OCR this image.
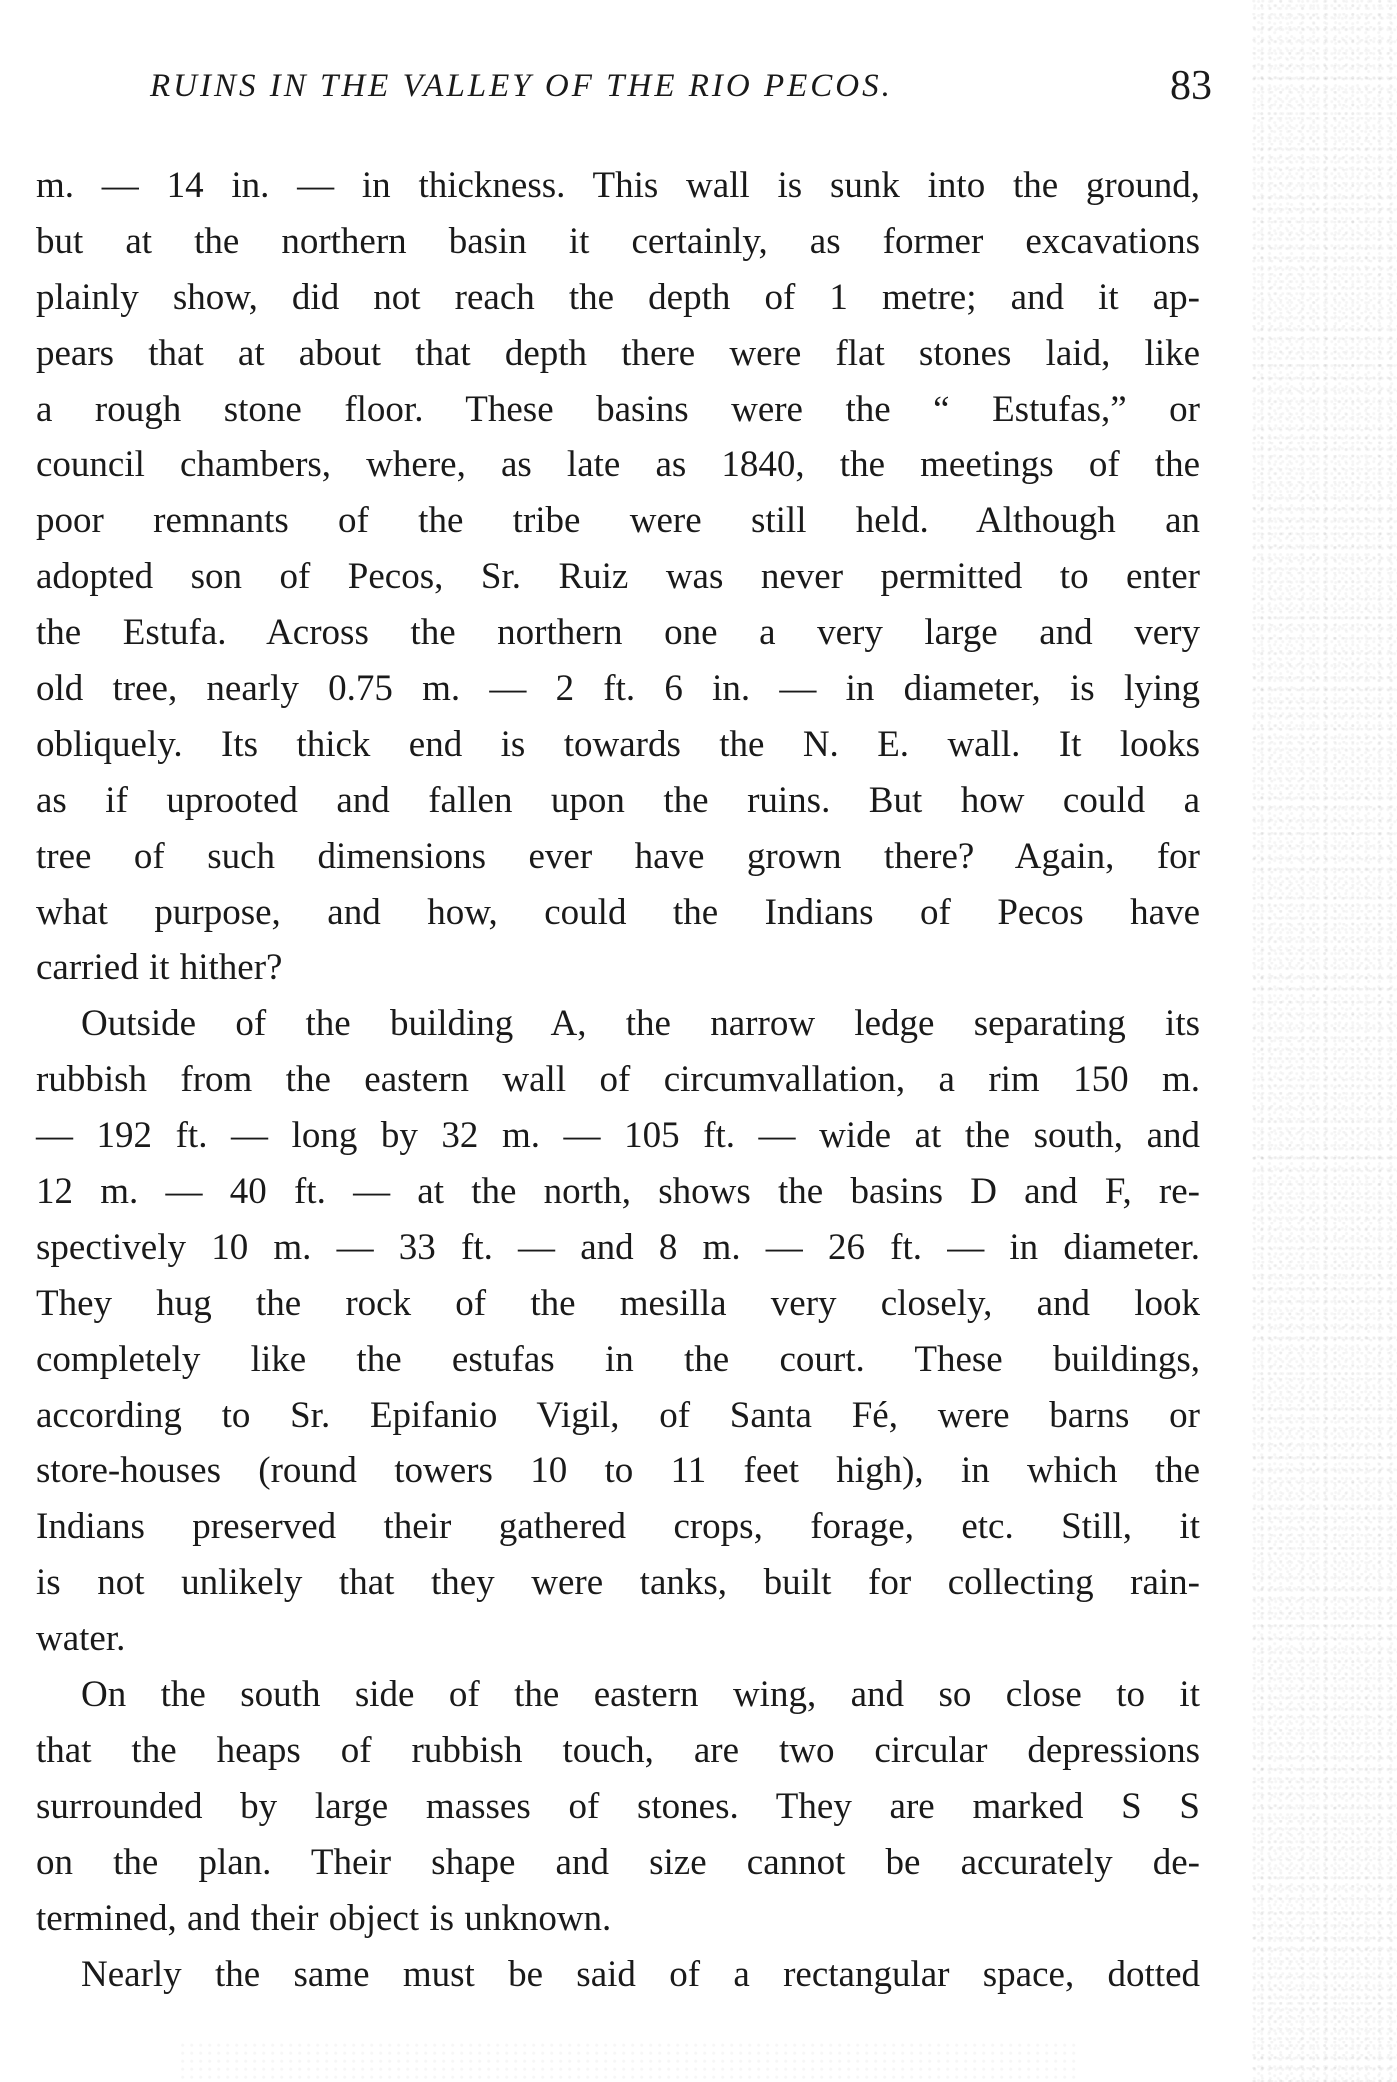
RUINS IN THE VALLEY OF THE RIO PECOS.	83
m. — 14 in. — in thickness. This wall is sunk into the ground,
but at the northern basin it certainly, as former excavations
plainly show, did not reach the depth of 1 metre; and it ap-
pears that at about that depth there were flat stones laid, like
a rough stone floor. These basins were the “ Estufas,” or
council chambers, where, as late as 1840, the meetings of the
poor remnants of the tribe were still held. Although an
adopted son of Pecos, Sr. Ruiz was never permitted to enter
the Estufa. Across the northern one a very large and very
old tree, nearly 0.75 m. — 2 ft. 6 in. — in diameter, is lying
obliquely. Its thick end is towards the N. E. wall. It looks
as if uprooted and fallen upon the ruins. But how could a
tree of such dimensions ever have grown there? Again, for
what purpose, and how, could the Indians of Pecos have
carried it hither?
Outside of the building A, the narrow ledge separating its
rubbish from the eastern wall of circumvallation, a rim 150 m.
— 192 ft. — long by 32 m. — 105 ft. — wide at the south, and
12 m. — 40 ft. — at the north, shows the basins D and F, re-
spectively 10 m. — 33 ft. — and 8 m. — 26 ft. — in diameter.
They hug the rock of the mesilla very closely, and look
completely like the estufas in the court. These buildings,
according to Sr. Epifanio Vigil, of Santa Fé, were barns or
store-houses (round towers 10 to 11 feet high), in which the
Indians preserved their gathered crops, forage, etc. Still, it
is not unlikely that they were tanks, built for collecting rain-
water.
On the south side of the eastern wing, and so close to it
that the heaps of rubbish touch, are two circular depressions
surrounded by large masses of stones. They are marked S S
on the plan. Their shape and size cannot be accurately de-
termined, and their object is unknown.
Nearly the same must be said of a rectangular space, dotted
